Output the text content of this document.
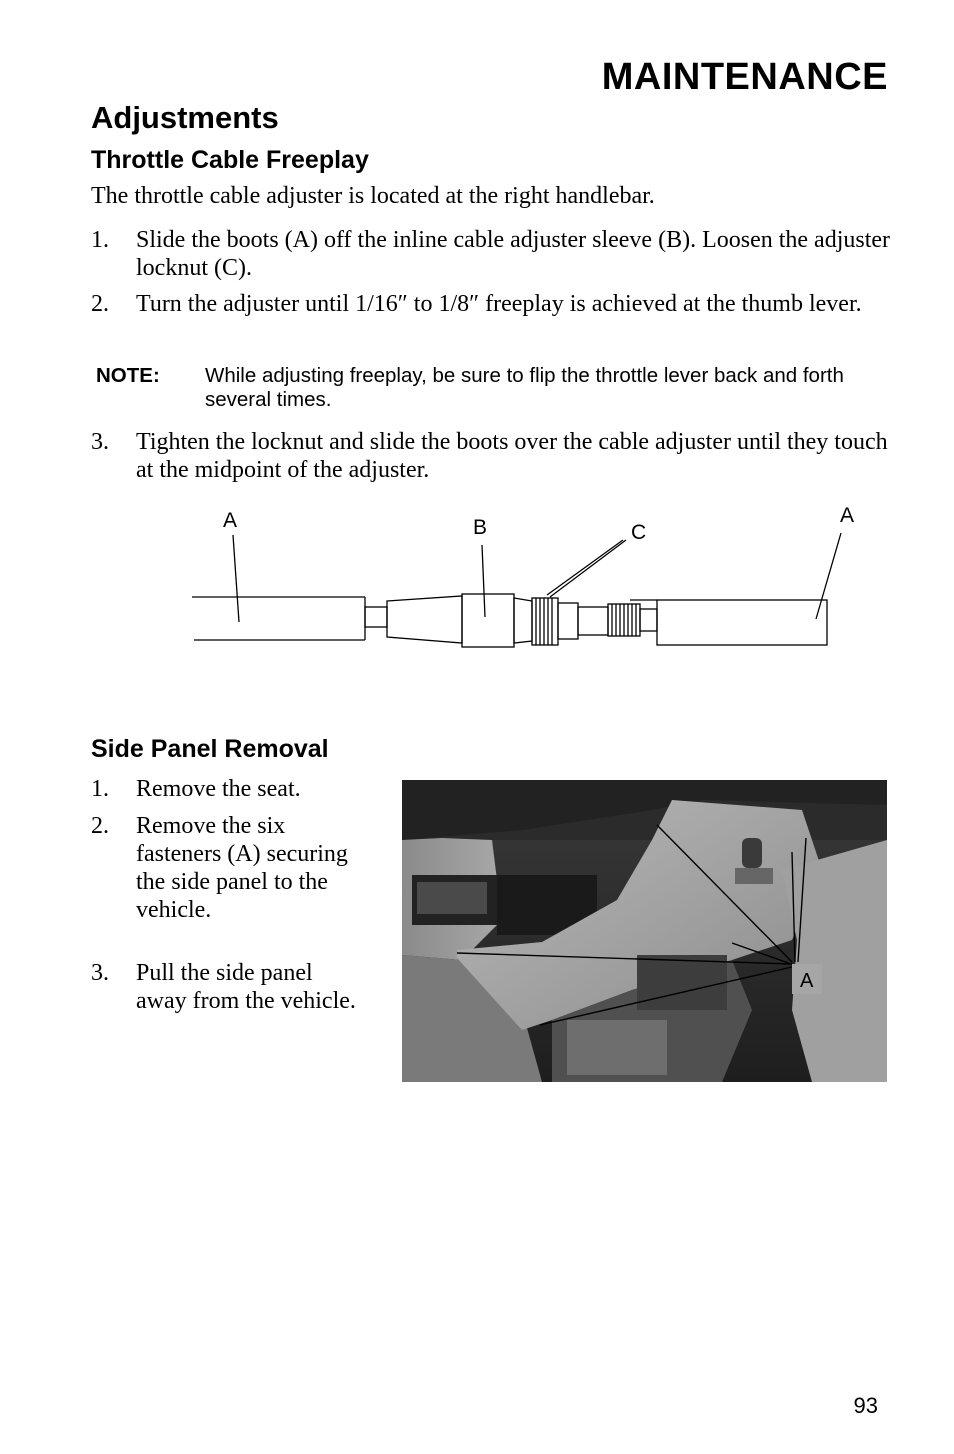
MAINTENANCE
Adjustments
Throttle Cable Freeplay
The throttle cable adjuster is located at the right handlebar.
1.	Slide the boots (A) off the inline cable adjuster sleeve (B). Loosen the adjuster locknut (C).
2.	Turn the adjuster until 1/16″ to 1/8″ freeplay is achieved at the thumb lever.
NOTE: While adjusting freeplay, be sure to flip the throttle lever back and forth several times.
3.	Tighten the locknut and slide the boots over the cable adjuster until they touch at the midpoint of the adjuster.
A	B	C
A
Side Panel Removal
1.	Remove the seat.
2.	Remove the six fasteners (A) securing the side panel to the vehicle.
3.	Pull the side panel away from the vehicle.
A
93
